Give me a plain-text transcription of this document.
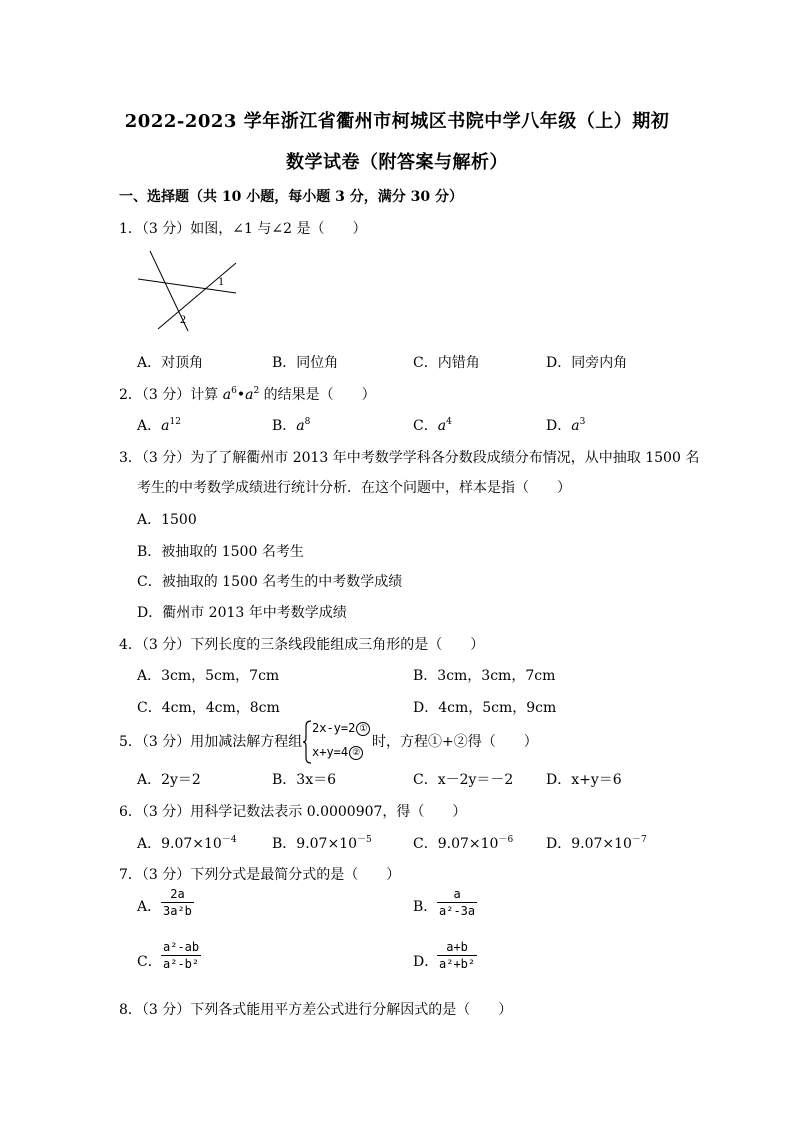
2022-2023 学年浙江省衢州市柯城区书院中学八年级（上）期初
数学试卷（附答案与解析）
一、选择题（共 10 小题，每小题 3 分，满分 30 分）
1．（3 分）如图，∠1 与∠2 是（　　）
1
2
A．对顶角	B．同位角	C．内错角	D．同旁内角
2．（3 分）计算 $a^6•a^2$ 的结果是（　　）
A．$a^{12}$	B．$a^8$	C．$a^4$	D．$a^3$
3．（3 分）为了了解衢州市 2013 年中考数学学科各分数段成绩分布情况，从中抽取 1500 名
考生的中考数学成绩进行统计分析．在这个问题中，样本是指（　　）
A．1500
B．被抽取的 1500 名考生
C．被抽取的 1500 名考生的中考数学成绩
D．衢州市 2013 年中考数学成绩
4．（3 分）下列长度的三条线段能组成三角形的是（　　）
A．3cm，5cm，7cm	B．3cm，3cm，7cm
C．4cm，4cm，8cm	D．4cm，5cm，9cm
5．（3 分）用加减法解方程组
2x-y=2 ①
x+y=4 ②
时，方程①+②得（　　）
A．2y＝2	B．3x＝6	C．x－2y＝－2 D．x+y＝6
6．（3 分）用科学记数法表示 0.0000907，得（　　）
A．$9.07\times 10^{-4}$	B．$9.07\times 10^{-5}$	C．$9.07\times 10^{-6}$ D．$9.07\times 10^{-7}$
7．（3 分）下列分式是最简分式的是（　　）
A．
2a
3a²b	B．
a
a²-3a
C．
a²-ab
a²-b²	D．
a+b
a²+b²
8．（3 分）下列各式能用平方差公式进行分解因式的是（　　）
